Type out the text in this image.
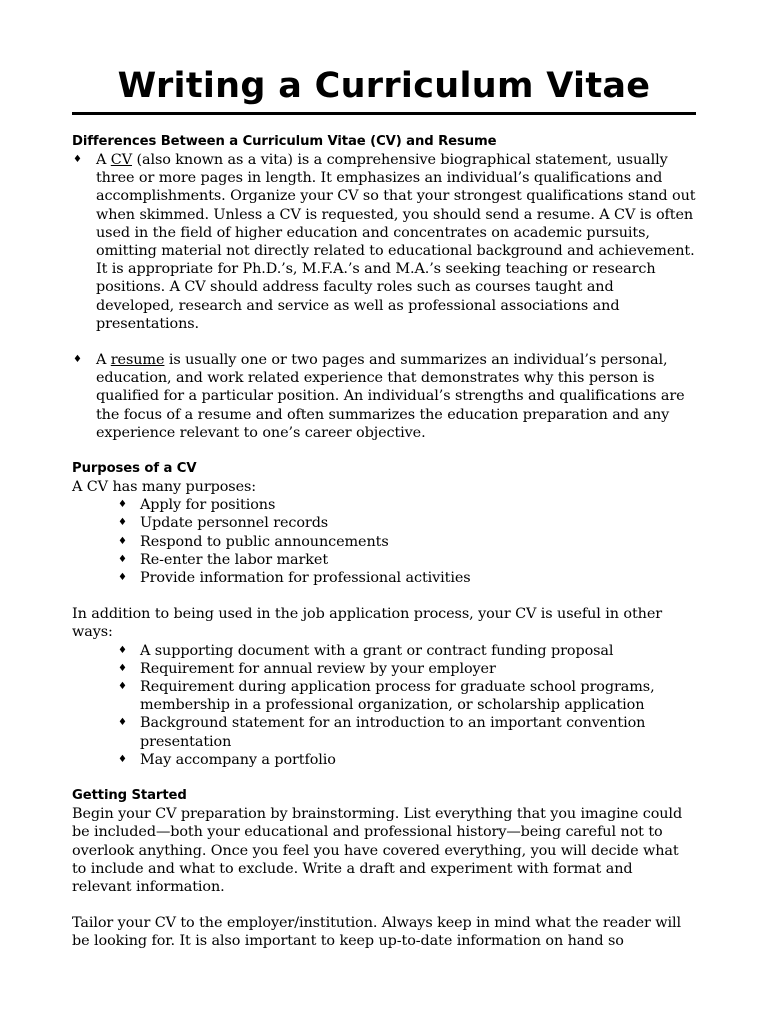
Writing a Curriculum Vitae
Differences Between a Curriculum Vitae (CV) and Resume
♦ A CV (also known as a vita) is a comprehensive biographical statement, usually three or more pages in length. It emphasizes an individual’s qualifications and accomplishments. Organize your CV so that your strongest qualifications stand out when skimmed. Unless a CV is requested, you should send a resume. A CV is often used in the field of higher education and concentrates on academic pursuits, omitting material not directly related to educational background and achievement. It is appropriate for Ph.D.’s, M.F.A.’s and M.A.’s seeking teaching or research positions. A CV should address faculty roles such as courses taught and developed, research and service as well as professional associations and presentations.
♦ A resume is usually one or two pages and summarizes an individual’s personal, education, and work related experience that demonstrates why this person is qualified for a particular position. An individual’s strengths and qualifications are the focus of a resume and often summarizes the education preparation and any experience relevant to one’s career objective.
Purposes of a CV

A CV has many purposes:

♦ Apply for positions
♦ Update personnel records
♦ Respond to public announcements
♦ Re-enter the labor market
♦ Provide information for professional activities

In addition to being used in the job application process, your CV is useful in other ways:

♦ A supporting document with a grant or contract funding proposal
♦ Requirement for annual review by your employer
♦ Requirement during application process for graduate school programs, membership in a professional organization, or scholarship application
♦ Background statement for an introduction to an important convention presentation
♦ May accompany a portfolio
Getting Started

Begin your CV preparation by brainstorming. List everything that you imagine could be included—both your educational and professional history—being careful not to overlook anything. Once you feel you have covered everything, you will decide what to include and what to exclude. Write a draft and experiment with format and relevant information.

Tailor your CV to the employer/institution. Always keep in mind what the reader will be looking for. It is also important to keep up-to-date information on hand so
